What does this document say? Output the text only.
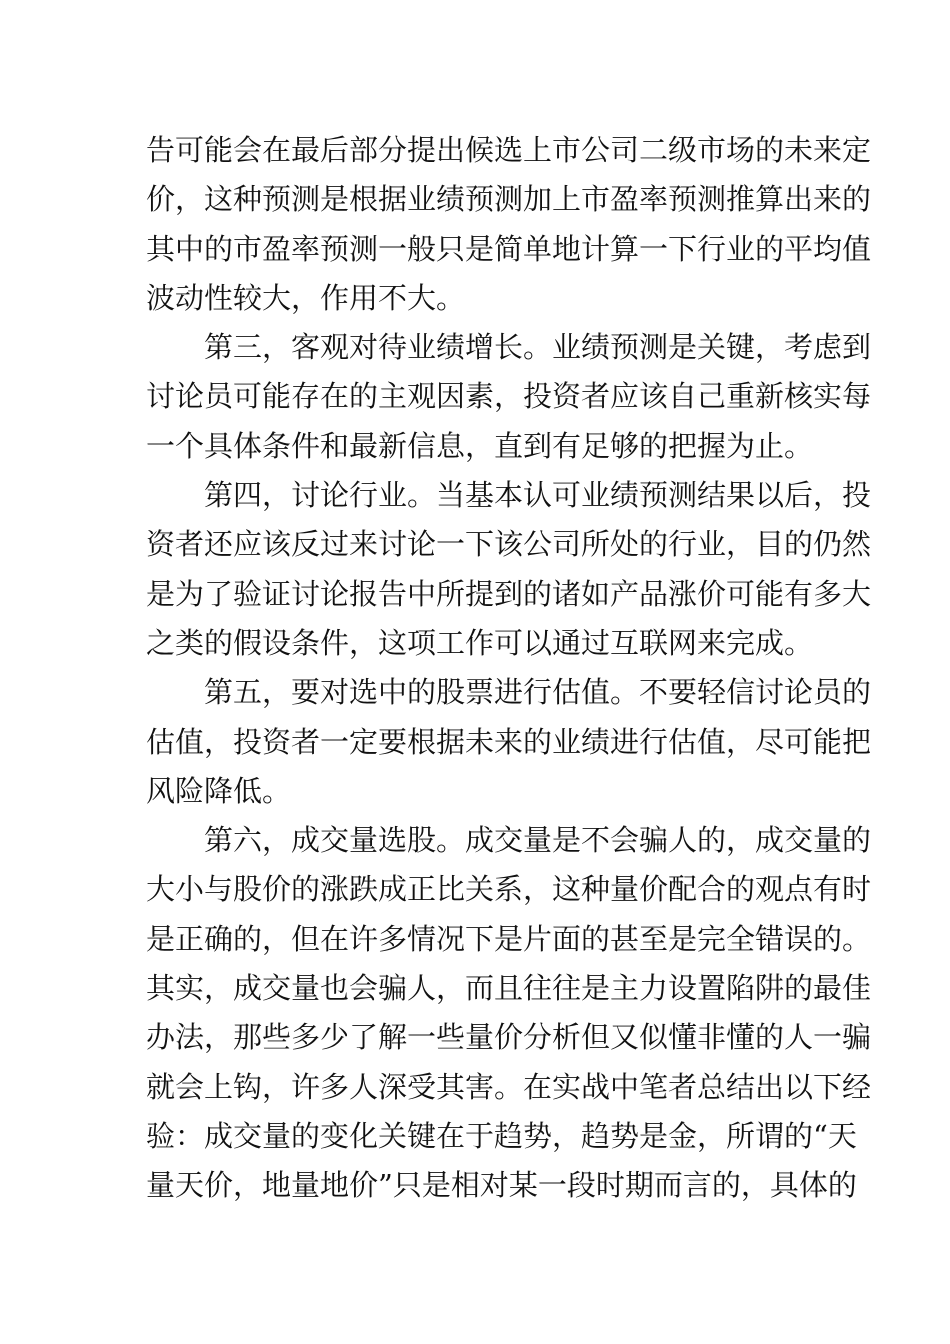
告可能会在最后部分提出候选上市公司二级市场的未来定
价，这种预测是根据业绩预测加上市盈率预测推算出来的
其中的市盈率预测一般只是简单地计算一下行业的平均值
波动性较大，作用不大。
第三，客观对待业绩增长。业绩预测是关键，考虑到
讨论员可能存在的主观因素，投资者应该自己重新核实每
一个具体条件和最新信息，直到有足够的把握为止。
第四，讨论行业。当基本认可业绩预测结果以后，投
资者还应该反过来讨论一下该公司所处的行业，目的仍然
是为了验证讨论报告中所提到的诸如产品涨价可能有多大
之类的假设条件，这项工作可以通过互联网来完成。
第五，要对选中的股票进行估值。不要轻信讨论员的
估值，投资者一定要根据未来的业绩进行估值，尽可能把
风险降低。
第六，成交量选股。成交量是不会骗人的，成交量的
大小与股价的涨跌成正比关系，这种量价配合的观点有时
是正确的，但在许多情况下是片面的甚至是完全错误的。
其实，成交量也会骗人，而且往往是主力设置陷阱的最佳
办法，那些多少了解一些量价分析但又似懂非懂的人一骗
就会上钩，许多人深受其害。在实战中笔者总结出以下经
验：成交量的变化关键在于趋势，趋势是金，所谓的“天
量天价，地量地价”只是相对某一段时期而言的，具体的
